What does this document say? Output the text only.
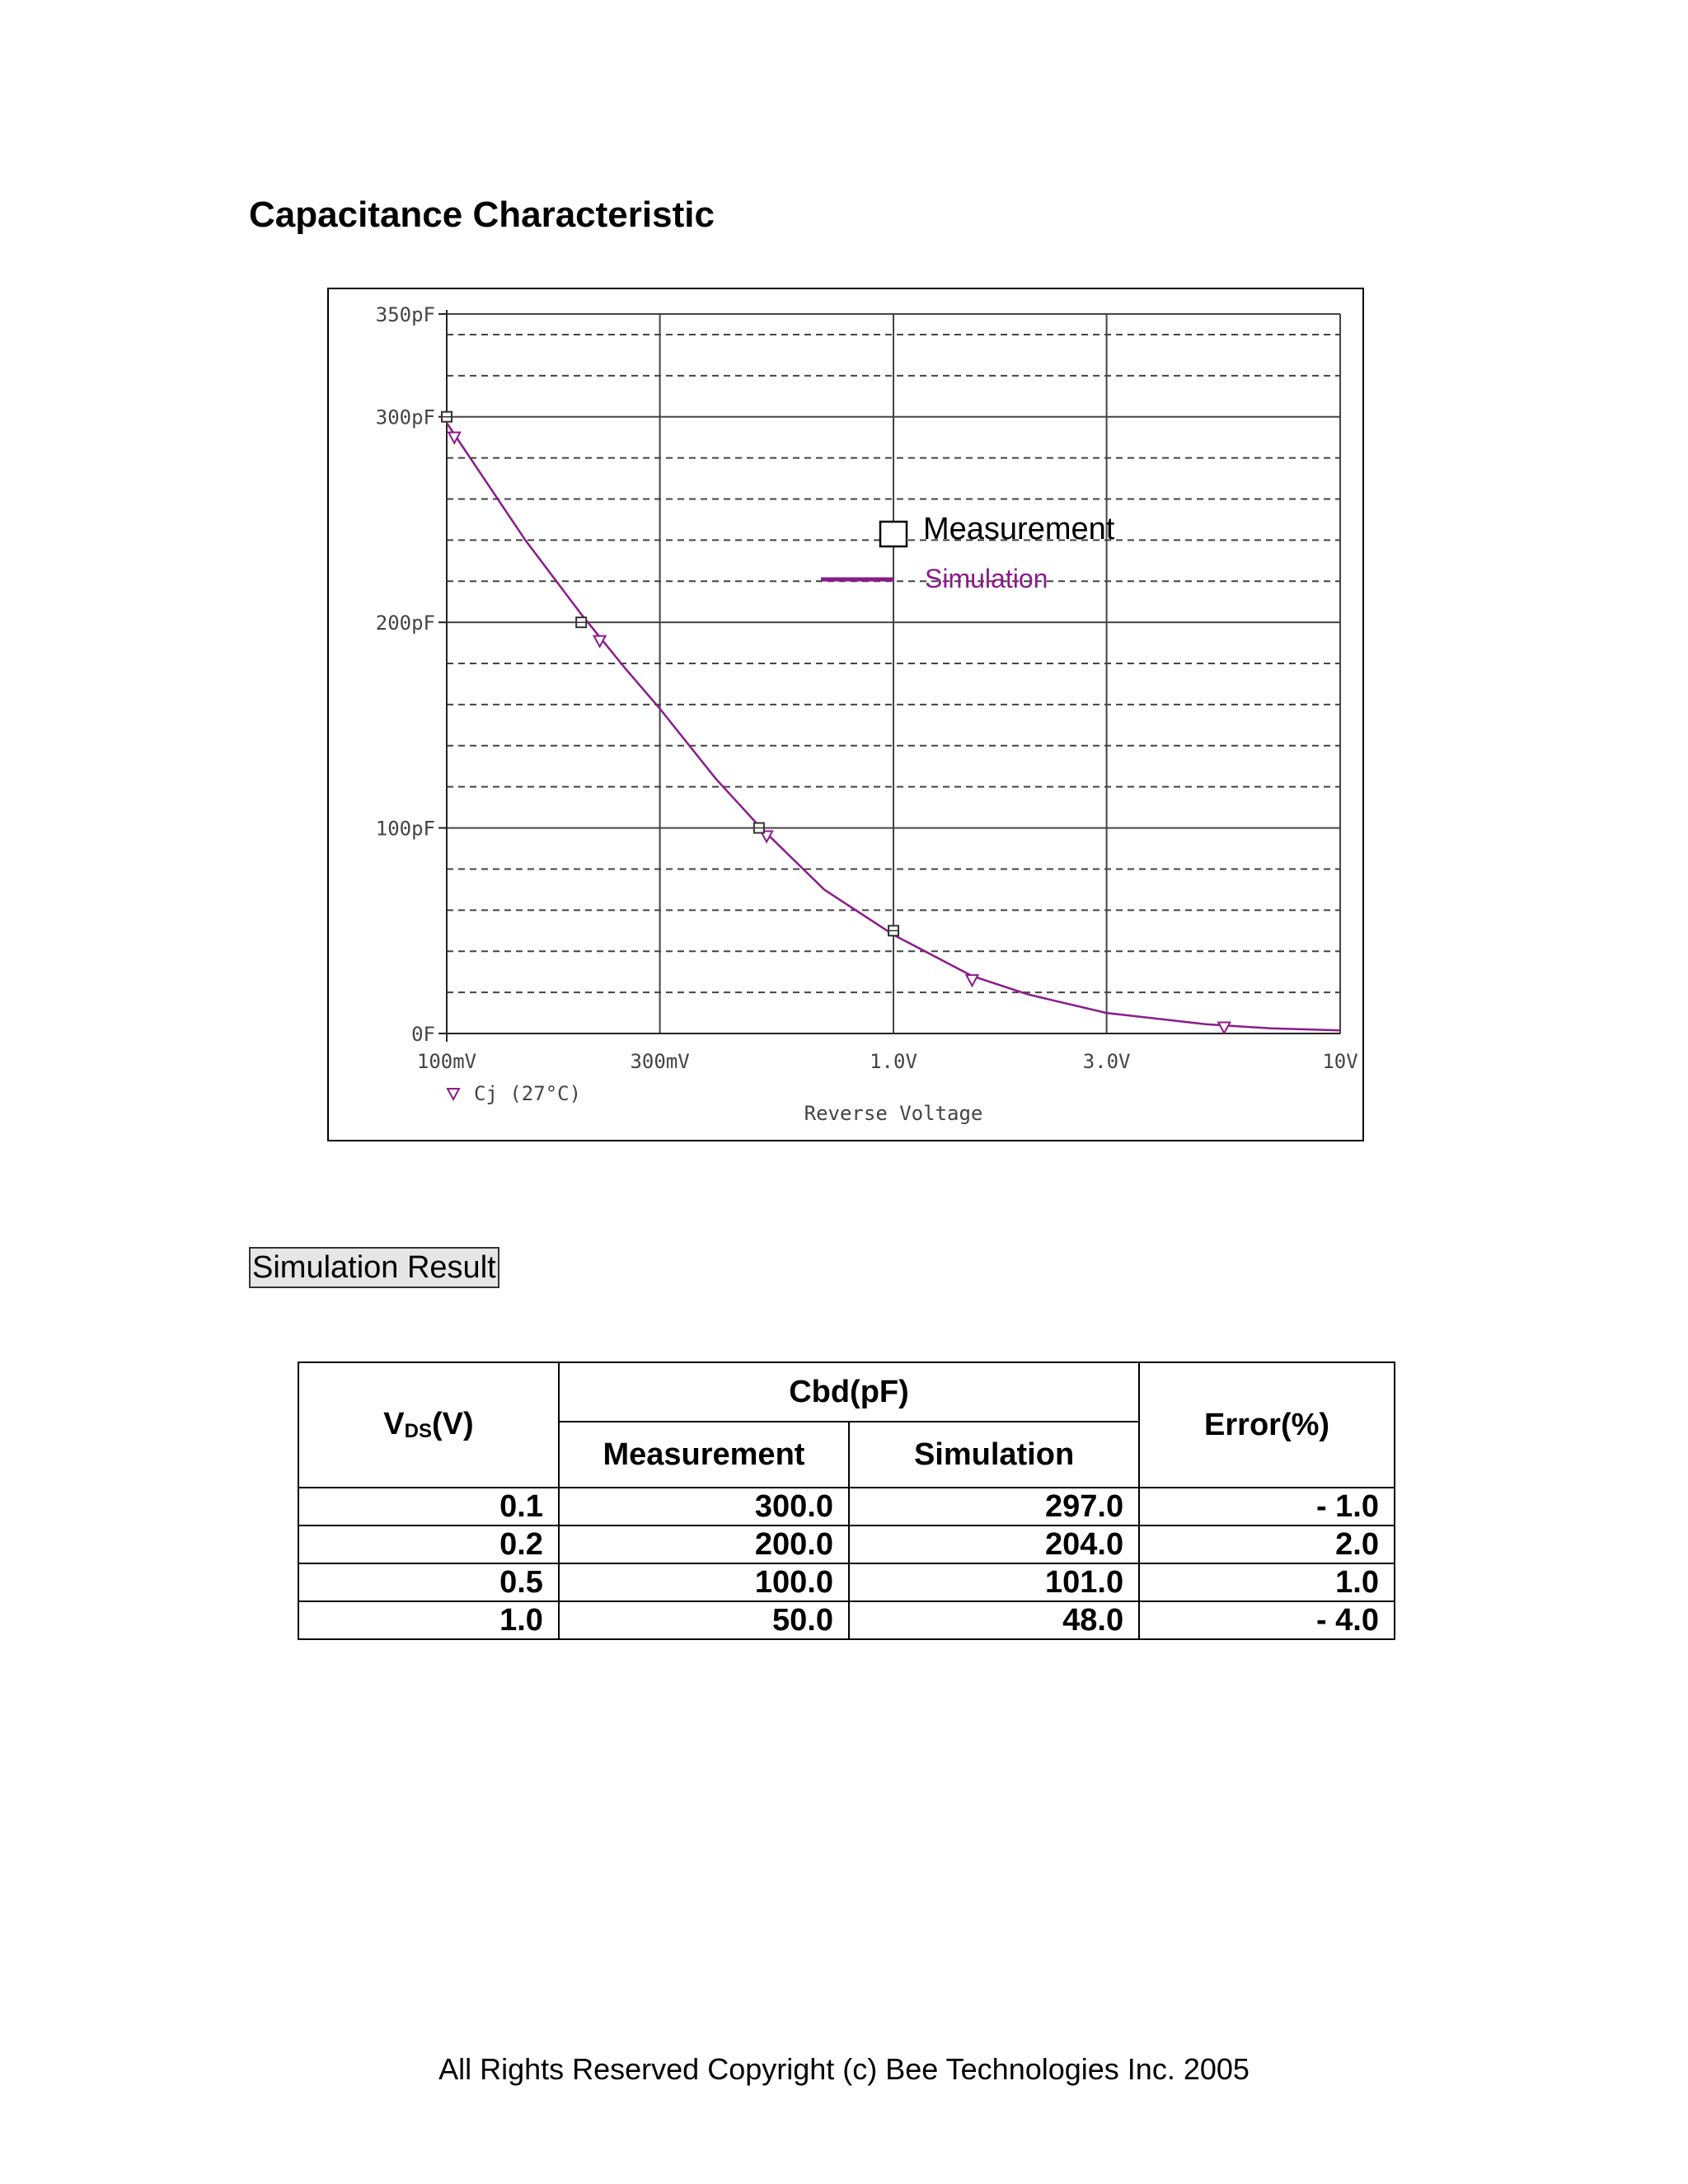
Capacitance Characteristic
0F
100pF
200pF
300pF
350pF
100mV	300mV	1.0V	3.0V	10V
Reverse Voltage
Cj (27°C)
Measurement
Simulation
Simulation Result
$V_{DS}(V)$	Cbd(pF)		Error(%)
	Measurement	Simulation	
0.1	300.0	297.0	- 1.0
0.2	200.0	204.0	2.0
0.5	100.0	101.0	1.0
1.0	50.0	48.0	- 4.0
All Rights Reserved Copyright (c) Bee Technologies Inc. 2005
